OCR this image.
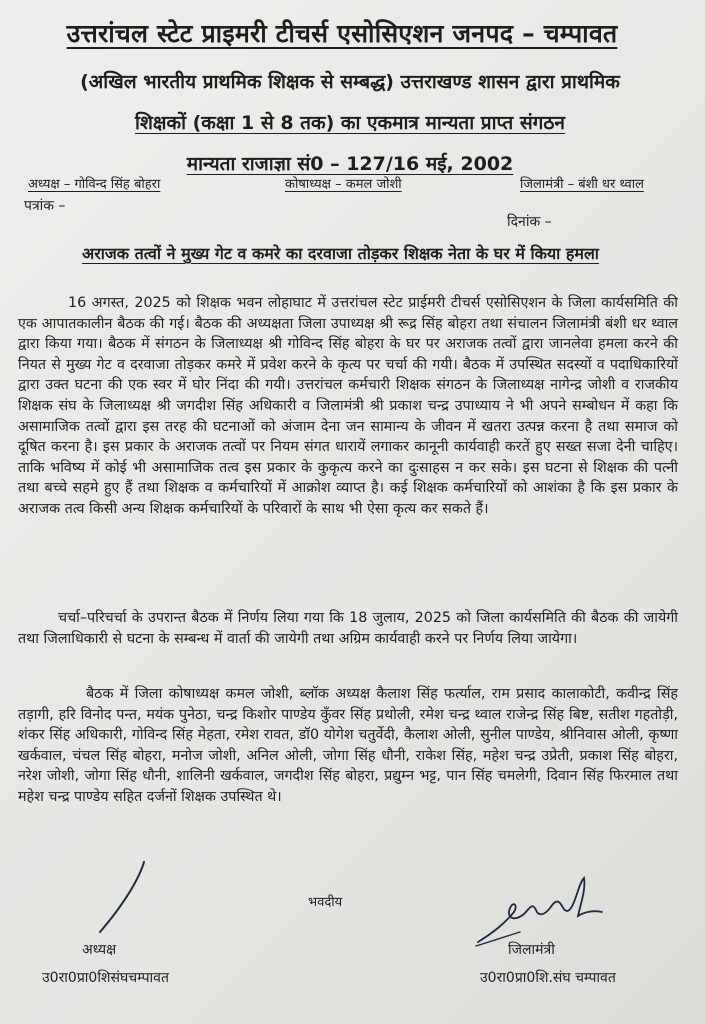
उत्तरांचल स्टेट प्राइमरी टीचर्स एसोसिएशन जनपद – चम्पावत
(अखिल भारतीय प्राथमिक शिक्षक से सम्बद्ध) उत्तराखण्ड शासन द्वारा प्राथमिक
शिक्षकों (कक्षा 1 से 8 तक) का एकमात्र मान्यता प्राप्त संगठन
मान्यता राजाज्ञा सं0 – 127/16 मई, 2002
अध्यक्ष – गोविन्द सिंह बोहरा	कोषाध्यक्ष – कमल जोशी	जिलामंत्री – बंशी धर थ्वाल
पत्रांक –
दिनांक –
अराजक तत्वों ने मुख्य गेट व कमरे का दरवाजा तोड़कर शिक्षक नेता के घर में किया हमला

16 अगस्त, 2025 को शिक्षक भवन लोहाघाट में उत्तरांचल स्टेट प्राईमरी टीचर्स एसोसिएशन के जिला कार्यसमिति की एक आपातकालीन बैठक की गई। बैठक की अध्यक्षता जिला उपाध्यक्ष श्री रूद्र सिंह बोहरा तथा संचालन जिलामंत्री बंशी धर थ्वाल द्वारा किया गया। बैठक में संगठन के जिलाध्यक्ष श्री गोविन्द सिंह बोहरा के घर पर अराजक तत्वों द्वारा जानलेवा हमला करने की नियत से मुख्य गेट व दरवाजा तोड़कर कमरे में प्रवेश करने के कृत्य पर चर्चा की गयी। बैठक में उपस्थित सदस्यों व पदाधिकारियों द्वारा उक्त घटना की एक स्वर में घोर निंदा की गयी। उत्तरांचल कर्मचारी शिक्षक संगठन के जिलाध्यक्ष नागेन्द्र जोशी व राजकीय शिक्षक संघ के जिलाध्यक्ष श्री जगदीश सिंह अधिकारी व जिलामंत्री श्री प्रकाश चन्द्र उपाध्याय ने भी अपने सम्बोधन में कहा कि असामाजिक तत्वों द्वारा इस तरह की घटनाओं को अंजाम देना जन सामान्य के जीवन में खतरा उत्पन्न करना है तथा समाज को दूषित करना है। इस प्रकार के अराजक तत्वों पर नियम संगत धारायें लगाकर कानूनी कार्यवाही करतें हुए सख्त सजा देनी चाहिए। ताकि भविष्य में कोई भी असामाजिक तत्व इस प्रकार के कुकृत्य करने का दुःसाहस न कर सके। इस घटना से शिक्षक की पत्नी तथा बच्चे सहमे हुए हैं तथा शिक्षक व कर्मचारियों में आक्रोश व्याप्त है। कई शिक्षक कर्मचारियों को आशंका है कि इस प्रकार के अराजक तत्व किसी अन्य शिक्षक कर्मचारियों के परिवारों के साथ भी ऐसा कृत्य कर सकते हैं।

चर्चा–परिचर्चा के उपरान्त बैठक में निर्णय लिया गया कि 18 जुलाय, 2025 को जिला कार्यसमिति की बैठक की जायेगी तथा जिलाधिकारी से घटना के सम्बन्ध में वार्ता की जायेगी तथा अग्रिम कार्यवाही करने पर निर्णय लिया जायेगा।

बैठक में जिला कोषाध्यक्ष कमल जोशी, ब्लॉक अध्यक्ष कैलाश सिंह फर्त्याल, राम प्रसाद कालाकोटी, कवीन्द्र सिंह तड़ागी, हरि विनोद पन्त, मयंक पुनेठा, चन्द्र किशोर पाण्डेय कुँवर सिंह प्रथोली, रमेश चन्द्र थ्वाल राजेन्द्र सिंह बिष्ट, सतीश गहतोड़ी, शंकर सिंह अधिकारी, गोविन्द सिंह मेहता, रमेश रावत, डॉ0 योगेश चतुर्वेदी, कैलाश ओली, सुनील पाण्डेय, श्रीनिवास ओली, कृष्णा खर्कवाल, चंचल सिंह बोहरा, मनोज जोशी, अनिल ओली, जोगा सिंह धौनी, राकेश सिंह, महेश चन्द्र उप्रेती, प्रकाश सिंह बोहरा, नरेश जोशी, जोगा सिंह धौनी, शालिनी खर्कवाल, जगदीश सिंह बोहरा, प्रद्युम्न भट्ट, पान सिंह चमलेगी, दिवान सिंह फिरमाल तथा महेश चन्द्र पाण्डेय सहित दर्जनों शिक्षक उपस्थित थे।

भवदीय
अध्यक्ष
उ0रा0प्रा0शिसंघचम्पावत
जिलामंत्री
उ0रा0प्रा0शि.संघ चम्पावत
